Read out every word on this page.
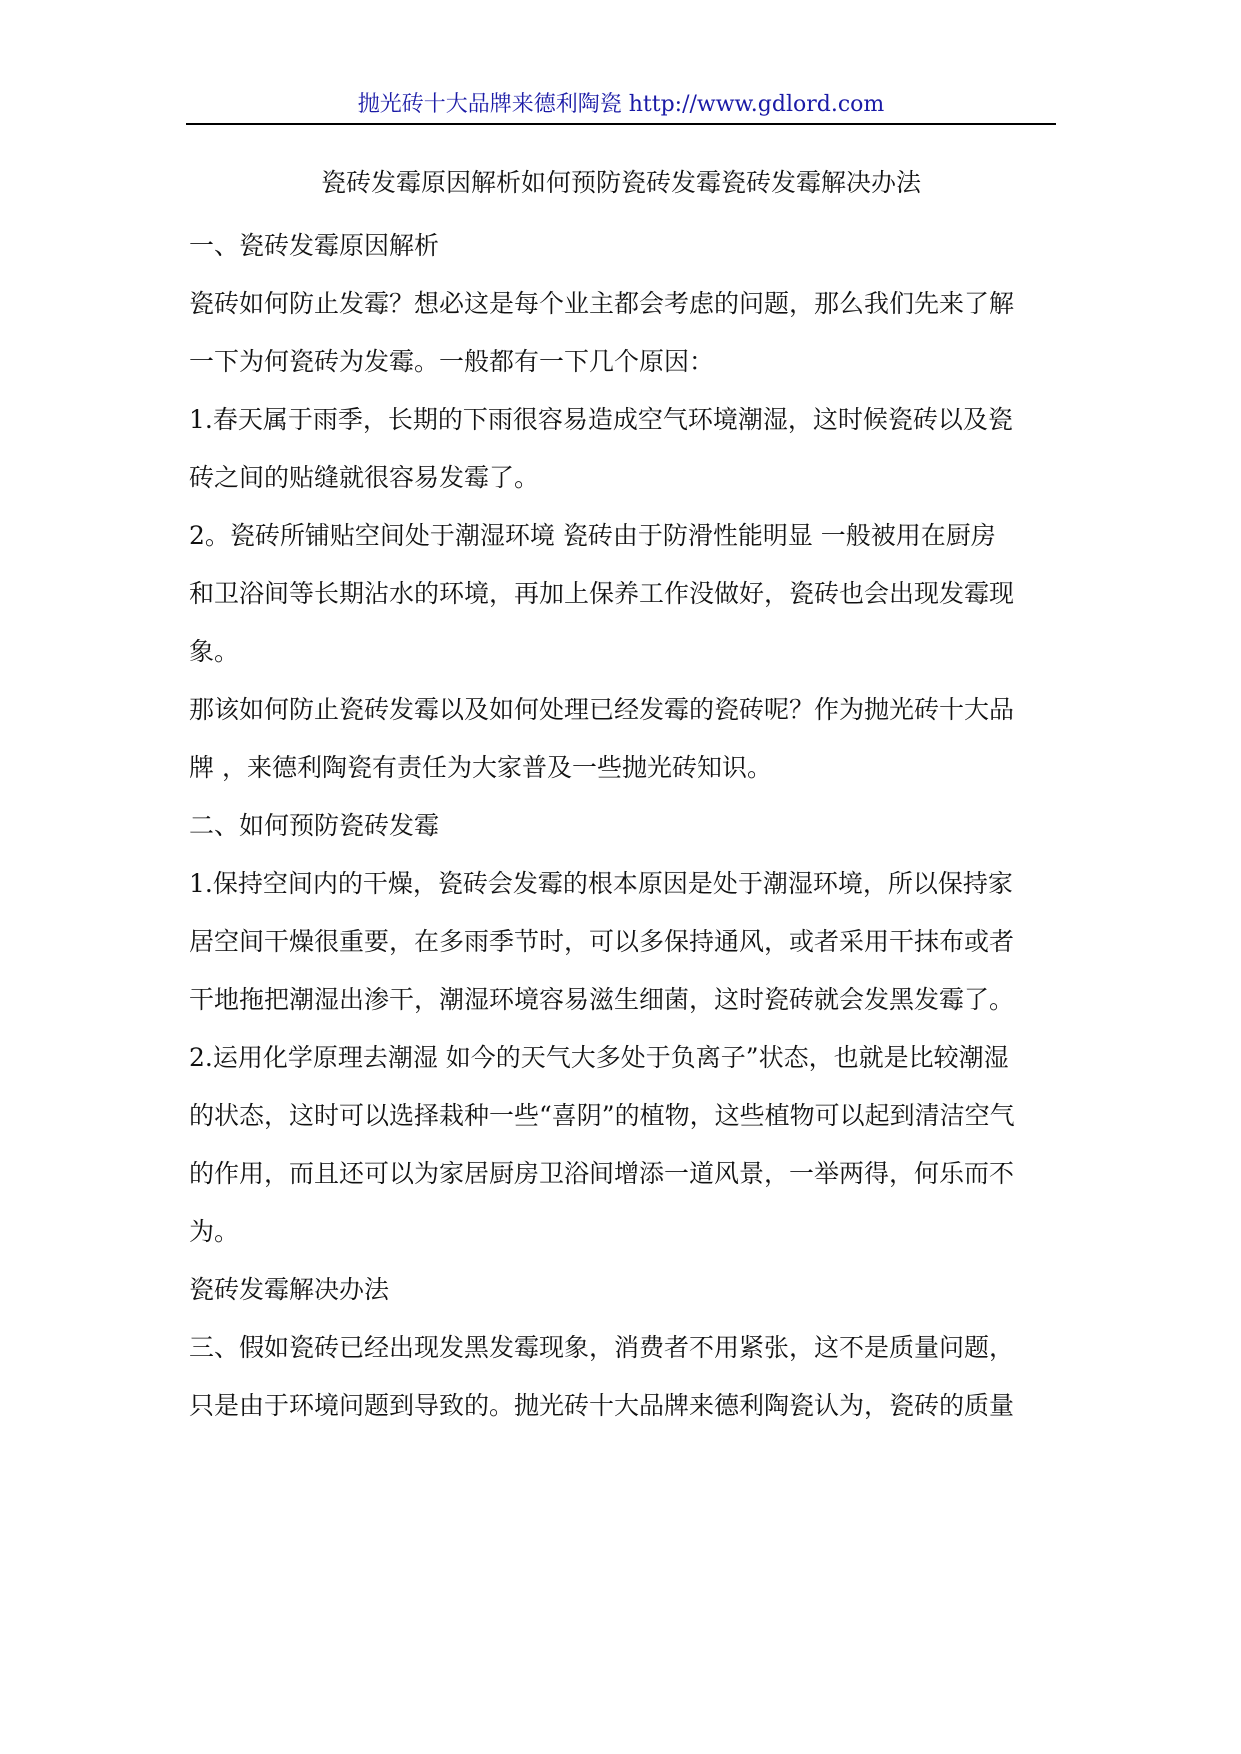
抛光砖十大品牌来德利陶瓷 http://www.gdlord.com
瓷砖发霉原因解析如何预防瓷砖发霉瓷砖发霉解决办法
一、瓷砖发霉原因解析
瓷砖如何防止发霉？想必这是每个业主都会考虑的问题，那么我们先来了解
一下为何瓷砖为发霉。一般都有一下几个原因：
1.春天属于雨季，长期的下雨很容易造成空气环境潮湿，这时候瓷砖以及瓷
砖之间的贴缝就很容易发霉了。
2。瓷砖所铺贴空间处于潮湿环境 瓷砖由于防滑性能明显 一般被用在厨房
和卫浴间等长期沾水的环境，再加上保养工作没做好，瓷砖也会出现发霉现
象。
那该如何防止瓷砖发霉以及如何处理已经发霉的瓷砖呢？作为抛光砖十大品
牌 ，来德利陶瓷有责任为大家普及一些抛光砖知识。
二、如何预防瓷砖发霉
1.保持空间内的干燥，瓷砖会发霉的根本原因是处于潮湿环境，所以保持家
居空间干燥很重要，在多雨季节时，可以多保持通风，或者采用干抹布或者
干地拖把潮湿出渗干，潮湿环境容易滋生细菌，这时瓷砖就会发黑发霉了。
2.运用化学原理去潮湿 如今的天气大多处于负离子”状态，也就是比较潮湿
的状态，这时可以选择栽种一些“喜阴”的植物，这些植物可以起到清洁空气
的作用，而且还可以为家居厨房卫浴间增添一道风景，一举两得，何乐而不
为。
瓷砖发霉解决办法
三、假如瓷砖已经出现发黑发霉现象，消费者不用紧张，这不是质量问题，
只是由于环境问题到导致的。抛光砖十大品牌来德利陶瓷认为，瓷砖的质量
